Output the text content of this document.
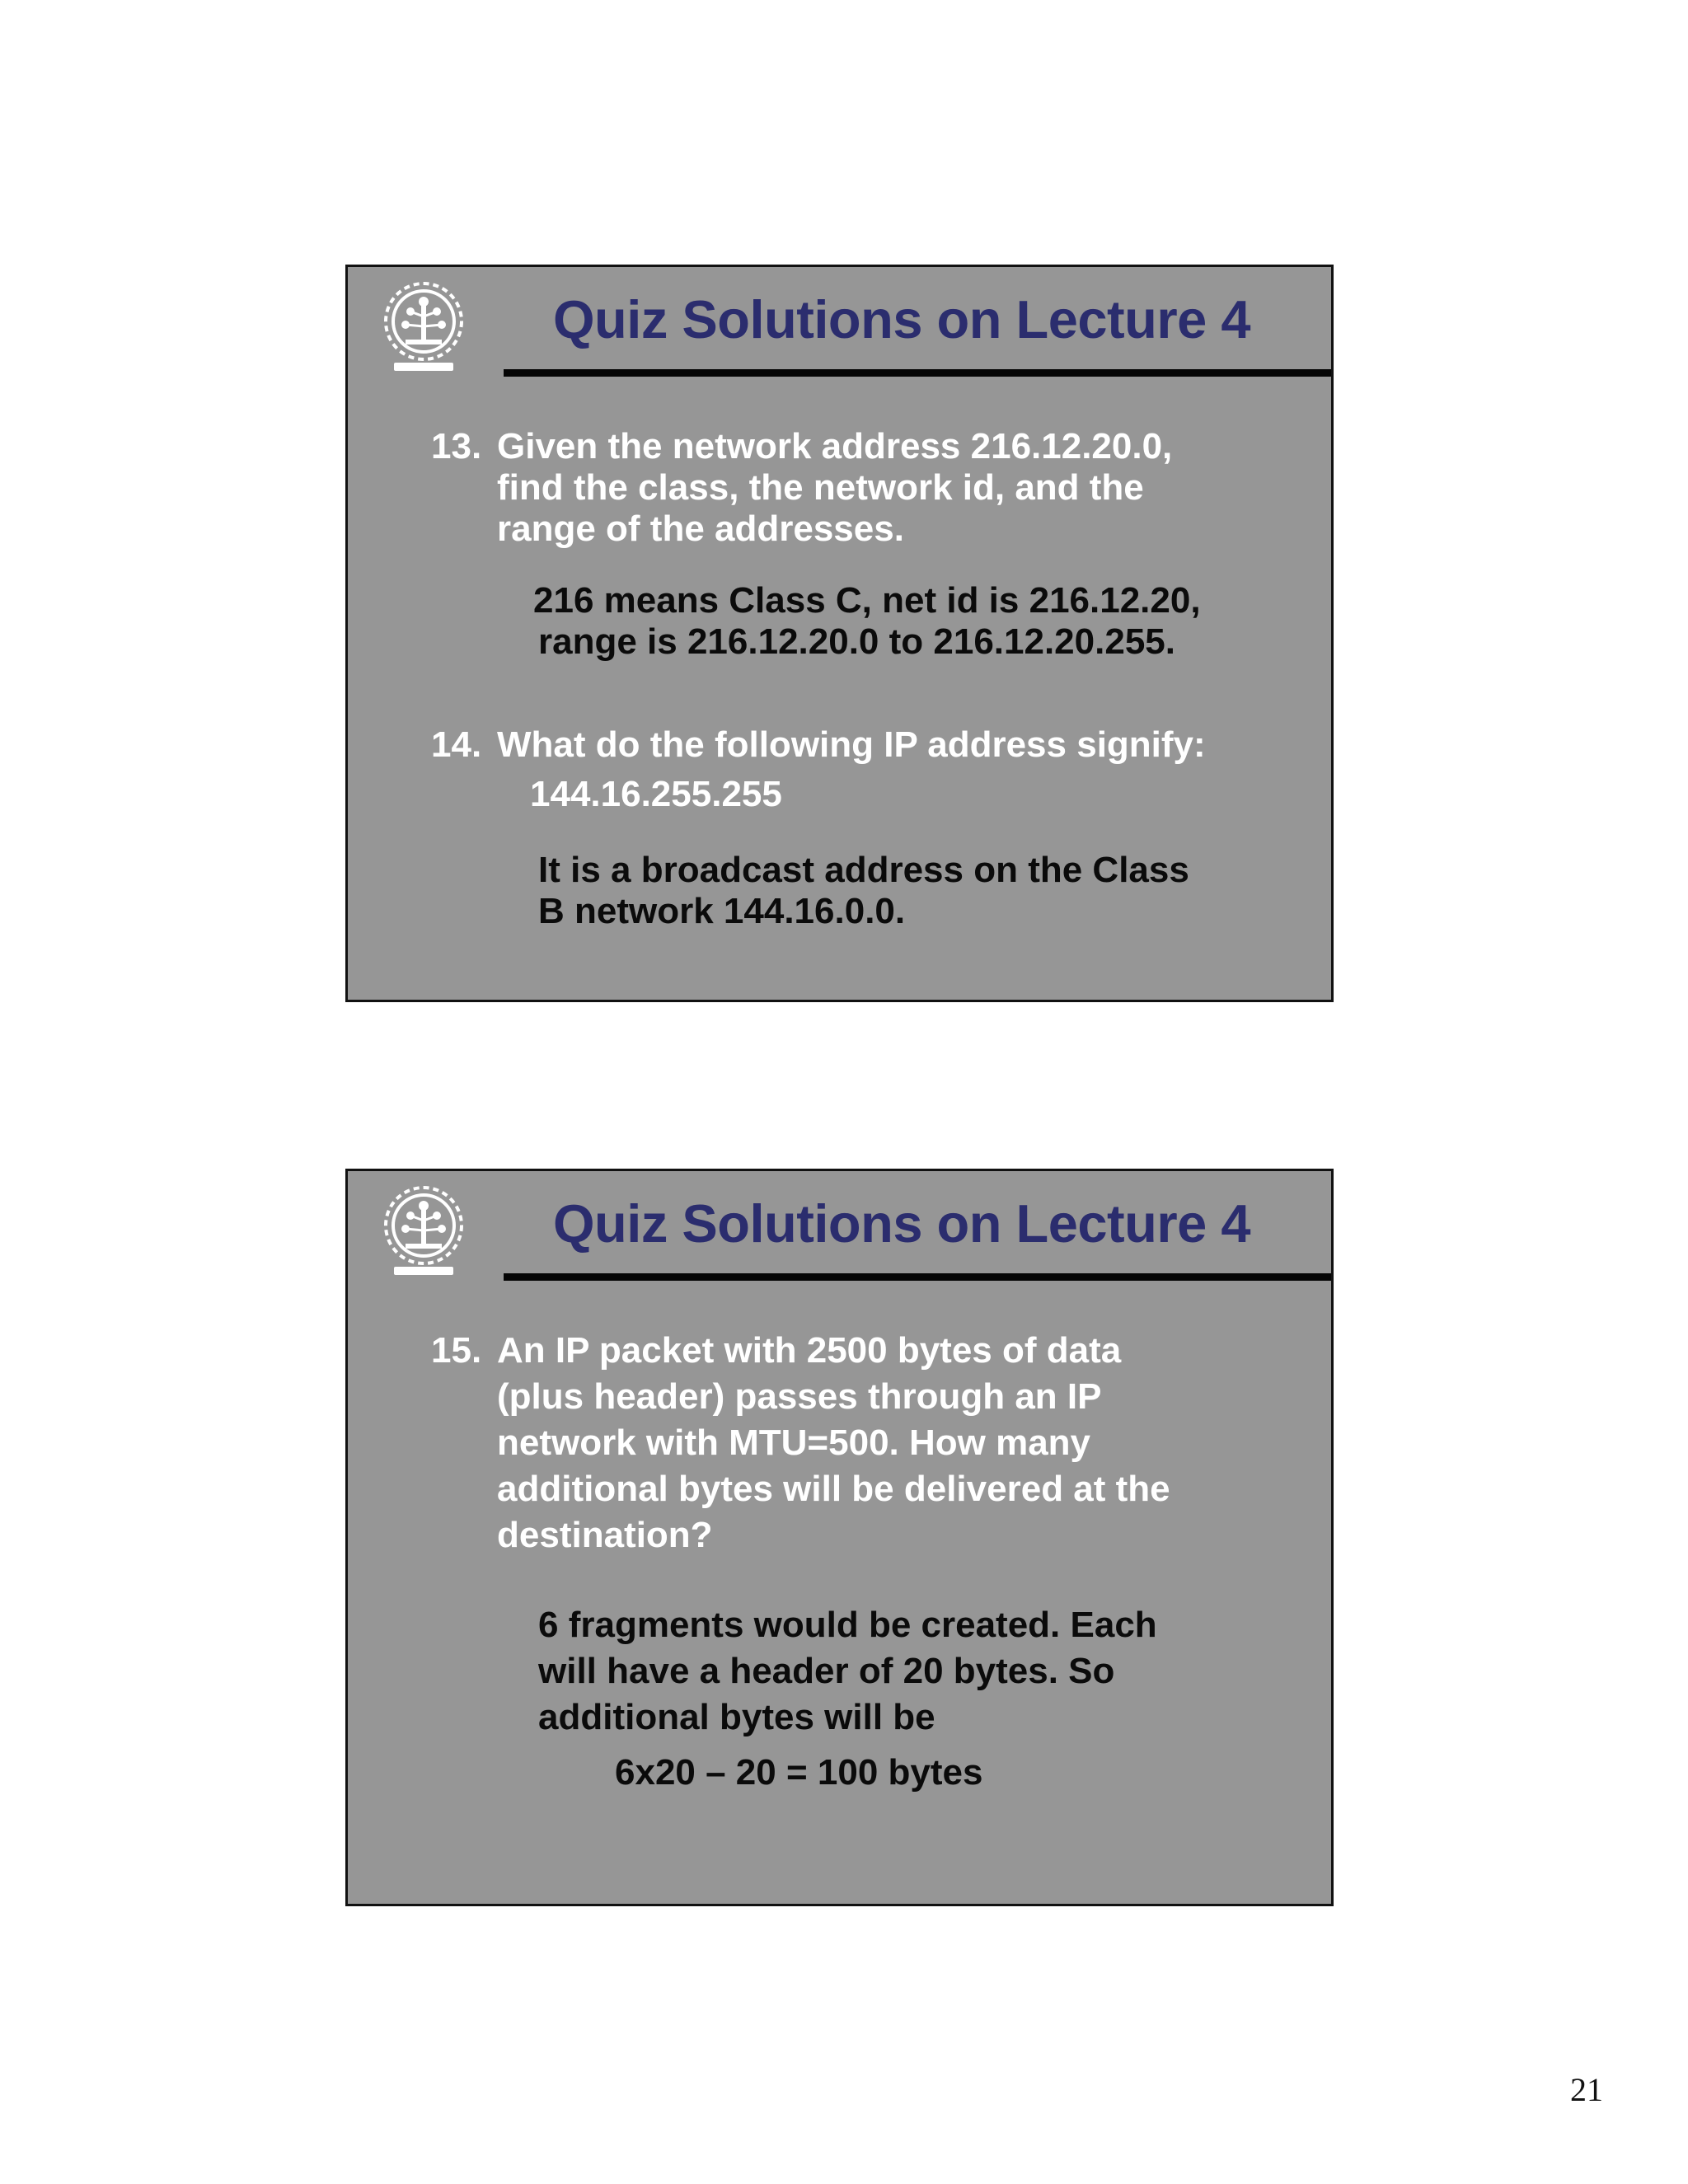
Quiz Solutions on Lecture 4
13. Given the network address 216.12.20.0,
find the class, the network id, and the
range of the addresses.
216 means Class C, net id is 216.12.20,
range is 216.12.20.0 to 216.12.20.255.
14. What do the following IP address signify:
144.16.255.255
It is a broadcast address on the Class
B network 144.16.0.0.
Quiz Solutions on Lecture 4
15. An IP packet with 2500 bytes of data
(plus header) passes through an IP
network with MTU=500. How many
additional bytes will be delivered at the
destination?
6 fragments would be created. Each
will have a header of 20 bytes. So
additional bytes will be
6x20 – 20 = 100 bytes
21
